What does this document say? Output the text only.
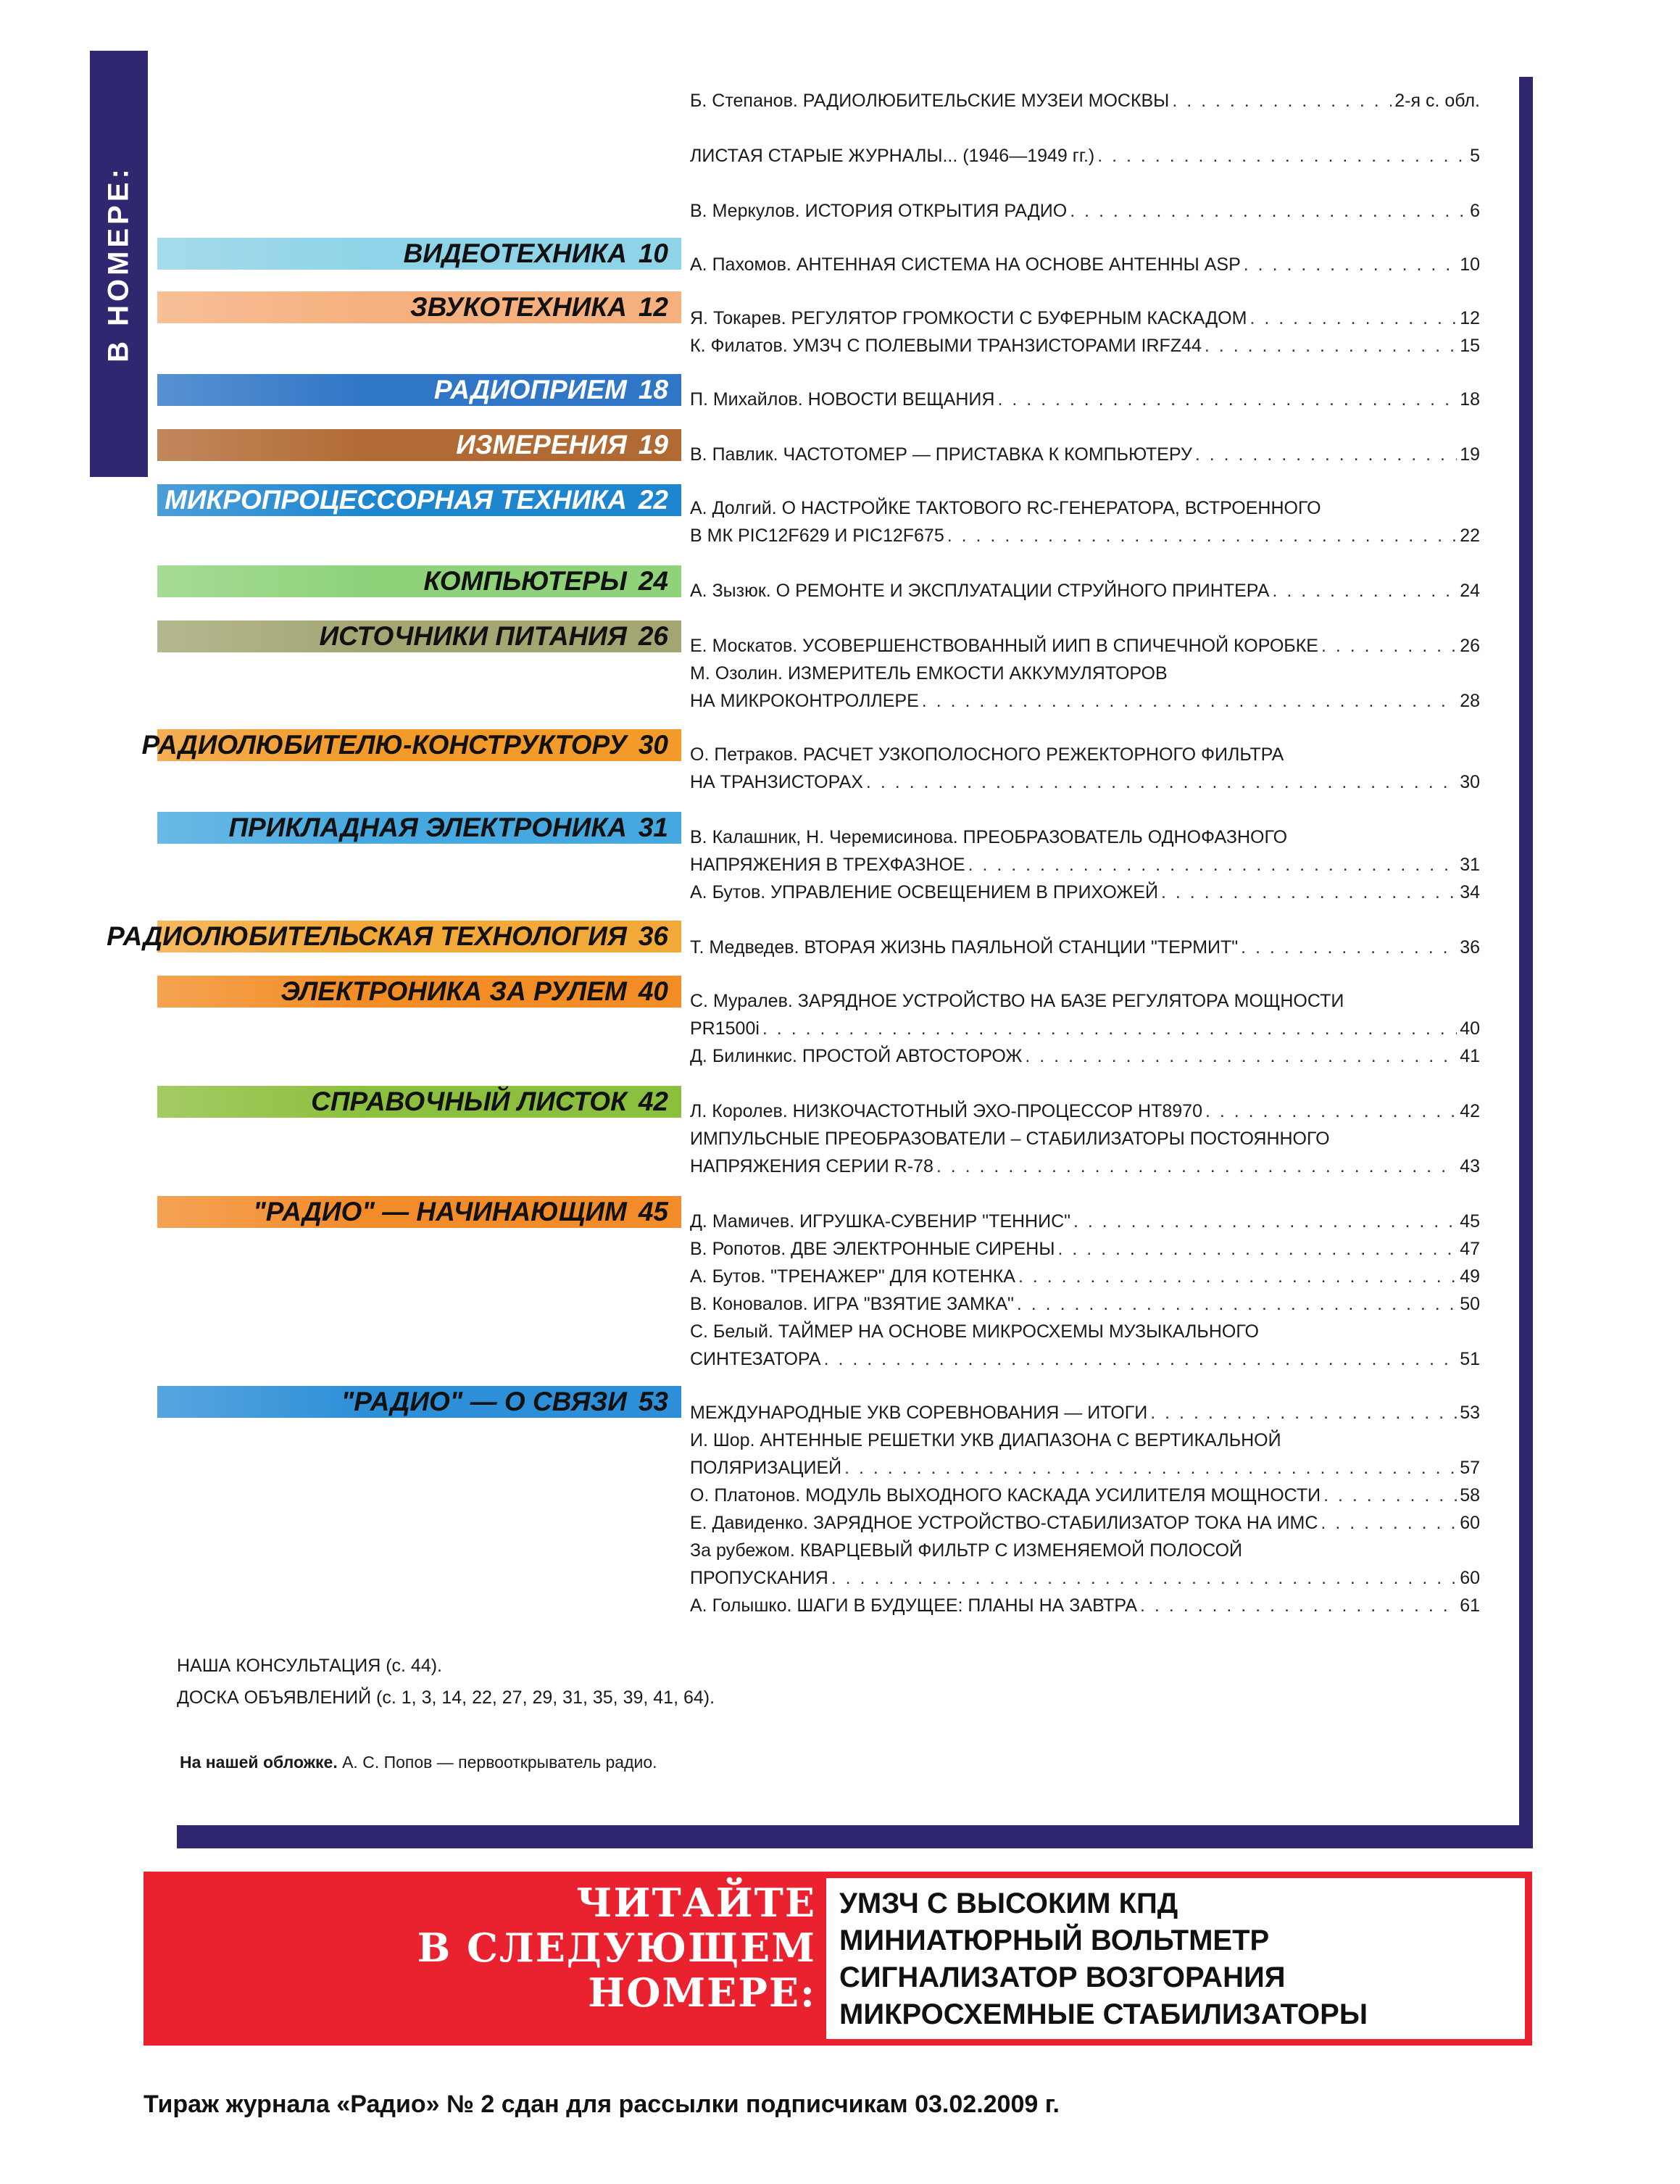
В НОМЕРЕ:	ВИДЕОТЕХНИКА 10
ЗВУКОТЕХНИКА 12
РАДИОПРИЕМ 18
ИЗМЕРЕНИЯ 19
МИКРОПРОЦЕССОРНАЯ ТЕХНИКА 22
КОМПЬЮТЕРЫ 24
ИСТОЧНИКИ ПИТАНИЯ 26
РАДИОЛЮБИТЕЛЮ-КОНСТРУКТОРУ 30
ПРИКЛАДНАЯ ЭЛЕКТРОНИКА 31
РАДИОЛЮБИТЕЛЬСКАЯ ТЕХНОЛОГИЯ 36
ЭЛЕКТРОНИКА ЗА РУЛЕМ 40
СПРАВОЧНЫЙ ЛИСТОК 42
"РАДИО" — НАЧИНАЮЩИМ 45
"РАДИО" — О СВЯЗИ 53
Б. Степанов. РАДИОЛЮБИТЕЛЬСКИЕ МУЗЕИ МОСКВЫ . . .	2-я с. обл.
ЛИСТАЯ СТАРЫЕ ЖУРНАЛЫ... (1946—1949 гг.) . . .	5
В. Меркулов. ИСТОРИЯ ОТКРЫТИЯ РАДИО . . .	6
А. Пахомов. АНТЕННАЯ СИСТЕМА НА ОСНОВЕ АНТЕННЫ ASP . . .	10
Я. Токарев. РЕГУЛЯТОР ГРОМКОСТИ С БУФЕРНЫМ КАСКАДОМ . . .	12
К. Филатов. УМЗЧ С ПОЛЕВЫМИ ТРАНЗИСТОРАМИ IRFZ44 . . .	15
П. Михайлов. НОВОСТИ ВЕЩАНИЯ . . .	18
В. Павлик. ЧАСТОТОМЕР — ПРИСТАВКА К КОМПЬЮТЕРУ . . .	19
А. Долгий. О НАСТРОЙКЕ ТАКТОВОГО RC-ГЕНЕРАТОРА, ВСТРОЕННОГО
В МК PIC12F629 И PIC12F675 . . .	22
А. Зызюк. О РЕМОНТЕ И ЭКСПЛУАТАЦИИ СТРУЙНОГО ПРИНТЕРА . . .	24
Е. Москатов. УСОВЕРШЕНСТВОВАННЫЙ ИИП В СПИЧЕЧНОЙ КОРОБКЕ . . .	26
М. Озолин. ИЗМЕРИТЕЛЬ ЕМКОСТИ АККУМУЛЯТОРОВ
НА МИКРОКОНТРОЛЛЕРЕ . . .	28
О. Петраков. РАСЧЕТ УЗКОПОЛОСНОГО РЕЖЕКТОРНОГО ФИЛЬТРА
НА ТРАНЗИСТОРАХ . . .	30
В. Калашник, Н. Черемисинова. ПРЕОБРАЗОВАТЕЛЬ ОДНОФАЗНОГО
НАПРЯЖЕНИЯ В ТРЕХФАЗНОЕ . . .	31
А. Бутов. УПРАВЛЕНИЕ ОСВЕЩЕНИЕМ В ПРИХОЖЕЙ . . .	34
Т. Медведев. ВТОРАЯ ЖИЗНЬ ПАЯЛЬНОЙ СТАНЦИИ "ТЕРМИТ" . . .	36
С. Муралев. ЗАРЯДНОЕ УСТРОЙСТВО НА БАЗЕ РЕГУЛЯТОРА МОЩНОСТИ
PR1500i . . .	40
Д. Билинкис. ПРОСТОЙ АВТОСТОРОЖ . . .	41
Л. Королев. НИЗКОЧАСТОТНЫЙ ЭХО-ПРОЦЕССОР НТ8970 . . .	42
ИМПУЛЬСНЫЕ ПРЕОБРАЗОВАТЕЛИ – СТАБИЛИЗАТОРЫ ПОСТОЯННОГО
НАПРЯЖЕНИЯ СЕРИИ R-78 . . .	43
Д. Мамичев. ИГРУШКА-СУВЕНИР "ТЕННИС" . . .	45
В. Ропотов. ДВЕ ЭЛЕКТРОННЫЕ СИРЕНЫ . . .	47
А. Бутов. "ТРЕНАЖЕР" ДЛЯ КОТЕНКА . . .	49
В. Коновалов. ИГРА "ВЗЯТИЕ ЗАМКА" . . .	50
С. Белый. ТАЙМЕР НА ОСНОВЕ МИКРОСХЕМЫ МУЗЫКАЛЬНОГО
СИНТЕЗАТОРА . . .	51
МЕЖДУНАРОДНЫЕ УКВ СОРЕВНОВАНИЯ — ИТОГИ . . .	53
И. Шор. АНТЕННЫЕ РЕШЕТКИ УКВ ДИАПАЗОНА С ВЕРТИКАЛЬНОЙ
ПОЛЯРИЗАЦИЕЙ . . .	57
О. Платонов. МОДУЛЬ ВЫХОДНОГО КАСКАДА УСИЛИТЕЛЯ МОЩНОСТИ . . .	58
Е. Давиденко. ЗАРЯДНОЕ УСТРОЙСТВО-СТАБИЛИЗАТОР ТОКА НА ИМС . . .	60
За рубежом. КВАРЦЕВЫЙ ФИЛЬТР С ИЗМЕНЯЕМОЙ ПОЛОСОЙ
ПРОПУСКАНИЯ . . .	60
А. Голышко. ШАГИ В БУДУЩЕЕ: ПЛАНЫ НА ЗАВТРА . . .	61
НАША КОНСУЛЬТАЦИЯ (с. 44).
ДОСКА ОБЪЯВЛЕНИЙ (с. 1, 3, 14, 22, 27, 29, 31, 35, 39, 41, 64).
На нашей обложке. А. С. Попов — первооткрыватель радио.
ЧИТАЙТЕ
В СЛЕДУЮЩЕМ
НОМЕРЕ:
УМЗЧ С ВЫСОКИМ КПД
МИНИАТЮРНЫЙ ВОЛЬТМЕТР
СИГНАЛИЗАТОР ВОЗГОРАНИЯ
МИКРОСХЕМНЫЕ СТАБИЛИЗАТОРЫ
Тираж журнала «Радио» № 2 сдан для рассылки подписчикам 03.02.2009 г.
